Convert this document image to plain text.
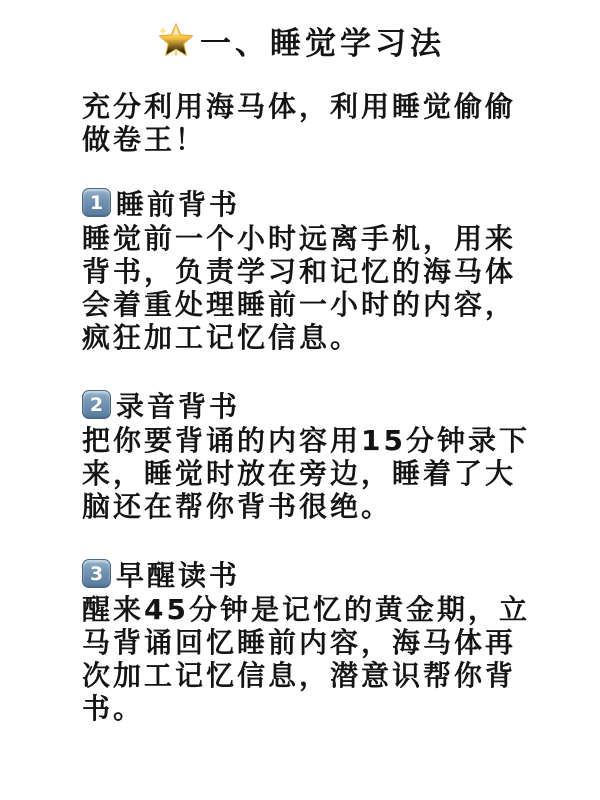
一、睡觉学习法

充分利用海马体，利用睡觉偷偷做卷王！

1 睡前背书

睡觉前一个小时远离手机，用来背书，负责学习和记忆的海马体会着重处理睡前一小时的内容，疯狂加工记忆信息。

2 录音背书

把你要背诵的内容用15分钟录下来，睡觉时放在旁边，睡着了大脑还在帮你背书很绝。

3 早醒读书

醒来45分钟是记忆的黄金期，立马背诵回忆睡前内容，海马体再次加工记忆信息，潜意识帮你背书。
